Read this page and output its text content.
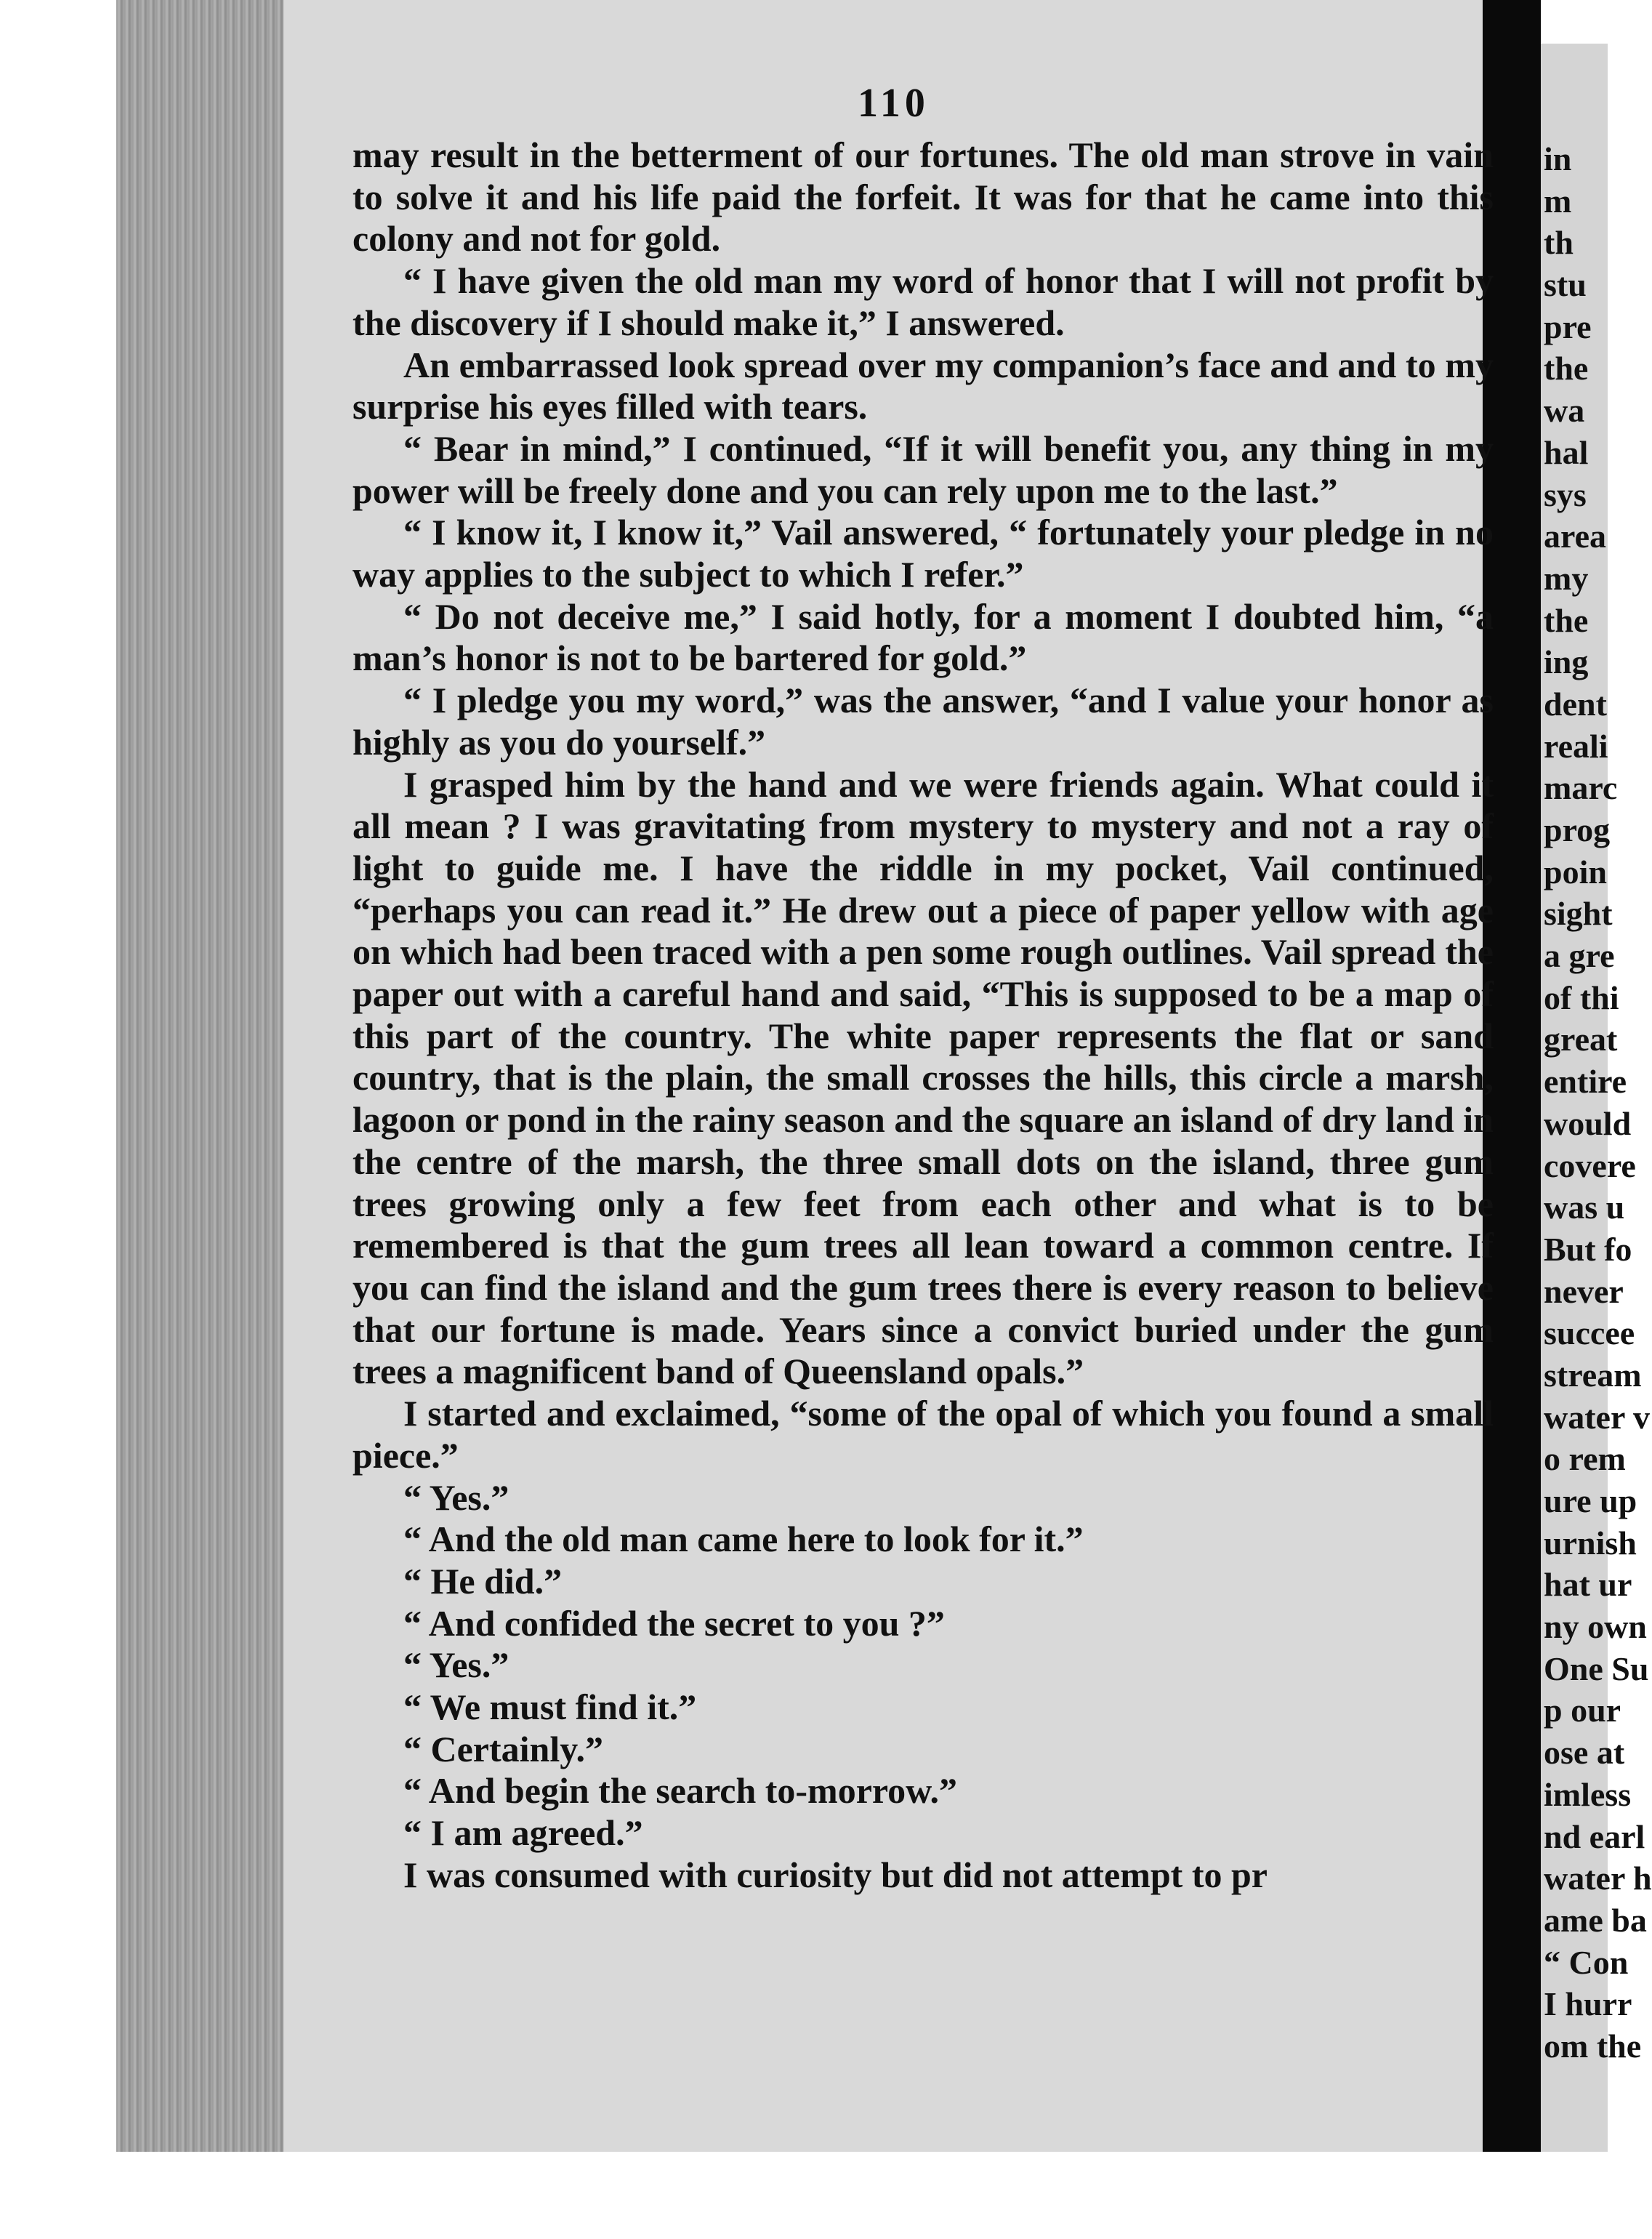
110

may result in the betterment of our fortunes. The old man strove in vain to solve it and his life paid the forfeit. It was for that he came into this colony and not for gold.

“ I have given the old man my word of honor that I will not profit by the discovery if I should make it,” I answered.

An embarrassed look spread over my companion’s face and and to my surprise his eyes filled with tears.

“ Bear in mind,” I continued, “If it will benefit you, any thing in my power will be freely done and you can rely upon me to the last.”

“ I know it, I know it,” Vail answered, “ fortunately your pledge in no way applies to the subject to which I refer.”

“ Do not deceive me,” I said hotly, for a moment I doubted him, “a man’s honor is not to be bartered for gold.”

“ I pledge you my word,” was the answer, “and I value your honor as highly as you do yourself.”

I grasped him by the hand and we were friends again. What could it all mean ? I was gravitating from mystery to mystery and not a ray of light to guide me. I have the riddle in my pocket, Vail continued, “perhaps you can read it.” He drew out a piece of paper yellow with age on which had been traced with a pen some rough outlines. Vail spread the paper out with a careful hand and said, “This is supposed to be a map of this part of the country. The white paper represents the flat or sand country, that is the plain, the small crosses the hills, this circle a marsh, lagoon or pond in the rainy season and the square an island of dry land in the centre of the marsh, the three small dots on the island, three gum trees growing only a few feet from each other and what is to be remembered is that the gum trees all lean toward a common centre. If you can find the island and the gum trees there is every reason to believe that our fortune is made. Years since a convict buried under the gum trees a magnificent band of Queensland opals.”

I started and exclaimed, “some of the opal of which you found a small piece.”

“ Yes.”

“ And the old man came here to look for it.”

“ He did.”

“ And confided the secret to you ?”

“ Yes.”

“ We must find it.”

“ Certainly.”

“ And begin the search to-morrow.”

“ I am agreed.”

I was consumed with curiosity but did not attempt to pr

in
m
th
stu
pre
the
wa
hal
sys
area
my
the
ing
dent
reali
marc
prog
poin
sight
a gre
of thi
great
entire
would
covere
was u
But fo
never
succee
stream
water v
o rem
ure up
urnish
hat ur
ny own
One Su
p our
ose at
imless
nd earl
water h
ame ba
“ Con
I hurr
om the
